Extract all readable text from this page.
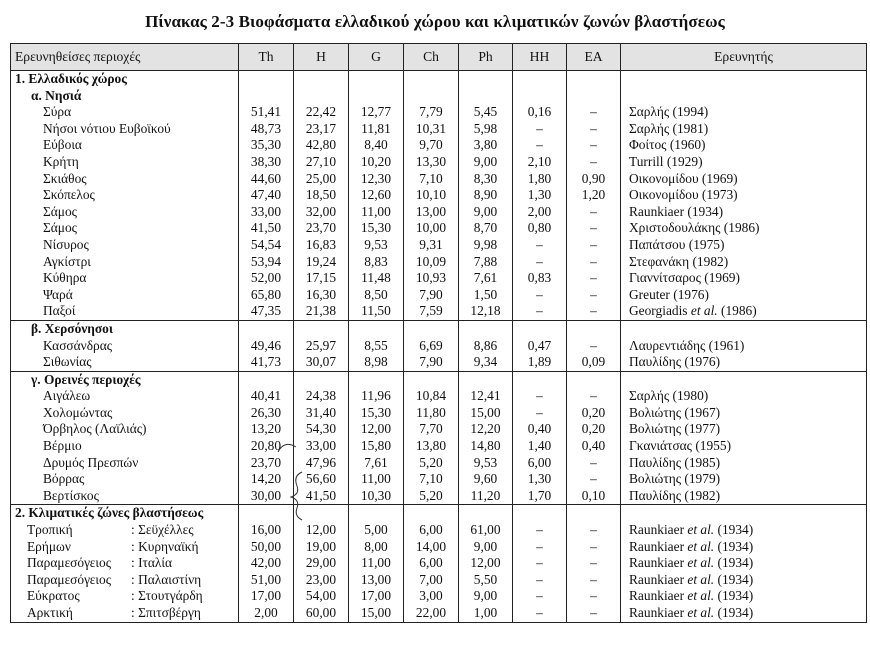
Πίνακας 2-3 Βιοφάσματα ελλαδικού χώρου και κλιματικών ζωνών βλαστήσεως
Ερευνηθείσες περιοχές	Th	H	G	Ch	Ph	HH	EA	Ερευνητής
1. Ελλαδικός χώρος								
α. Νησιά								
Σύρα	51,41	22,42	12,77	7,79	5,45	0,16	–	Σαρλής (1994)
Νήσοι νότιου Ευβοϊκού	48,73	23,17	11,81	10,31	5,98	–	–	Σαρλής (1981)
Εύβοια	35,30	42,80	8,40	9,70	3,80	–	–	Φοίτος (1960)
Κρήτη	38,30	27,10	10,20	13,30	9,00	2,10	–	Turrill (1929)
Σκιάθος	44,60	25,00	12,30	7,10	8,30	1,80	0,90	Οικονομίδου (1969)
Σκόπελος	47,40	18,50	12,60	10,10	8,90	1,30	1,20	Οικονομίδου (1973)
Σάμος	33,00	32,00	11,00	13,00	9,00	2,00	–	Raunkiaer (1934)
Σάμος	41,50	23,70	15,30	10,00	8,70	0,80	–	Χριστοδουλάκης (1986)
Νίσυρος	54,54	16,83	9,53	9,31	9,98	–	–	Παπάτσου (1975)
Αγκίστρι	53,94	19,24	8,83	10,09	7,88	–	–	Στεφανάκη (1982)
Κύθηρα	52,00	17,15	11,48	10,93	7,61	0,83	–	Γιαννίτσαρος (1969)
Ψαρά	65,80	16,30	8,50	7,90	1,50	–	–	Greuter (1976)
Παξοί	47,35	21,38	11,50	7,59	12,18	–	–	Georgiadis et al. (1986)
β. Χερσόνησοι								
Κασσάνδρας	49,46	25,97	8,55	6,69	8,86	0,47	–	Λαυρεντιάδης (1961)
Σιθωνίας	41,73	30,07	8,98	7,90	9,34	1,89	0,09	Παυλίδης (1976)
γ. Ορεινές περιοχές								
Αιγάλεω	40,41	24,38	11,96	10,84	12,41	–	–	Σαρλής (1980)
Χολομώντας	26,30	31,40	15,30	11,80	15,00	–	0,20	Βολιώτης (1967)
Όρβηλος (Λαϊλιάς)	13,20	54,30	12,00	7,70	12,20	0,40	0,20	Βολιώτης (1977)
Βέρμιο	20,80	33,00	15,80	13,80	14,80	1,40	0,40	Γκανιάτσας (1955)
Δρυμός Πρεσπών	23,70	47,96	7,61	5,20	9,53	6,00	–	Παυλίδης (1985)
Βόρρας	14,20	56,60	11,00	7,10	9,60	1,30	–	Βολιώτης (1979)
Βερτίσκος	30,00	41,50	10,30	5,20	11,20	1,70	0,10	Παυλίδης (1982)
2. Κλιματικές ζώνες βλαστήσεως								
Τροπική : Σεϋχέλλες	16,00	12,00	5,00	6,00	61,00	–	–	Raunkiaer et al. (1934)
Ερήμων : Κυρηναϊκή	50,00	19,00	8,00	14,00	9,00	–	–	Raunkiaer et al. (1934)
Παραμεσόγειος : Ιταλία	42,00	29,00	11,00	6,00	12,00	–	–	Raunkiaer et al. (1934)
Παραμεσόγειος : Παλαιστίνη	51,00	23,00	13,00	7,00	5,50	–	–	Raunkiaer et al. (1934)
Εύκρατος : Στουτγάρδη	17,00	54,00	17,00	3,00	9,00	–	–	Raunkiaer et al. (1934)
Αρκτική : Σπιτσβέργη	2,00	60,00	15,00	22,00	1,00	–	–	Raunkiaer et al. (1934)
